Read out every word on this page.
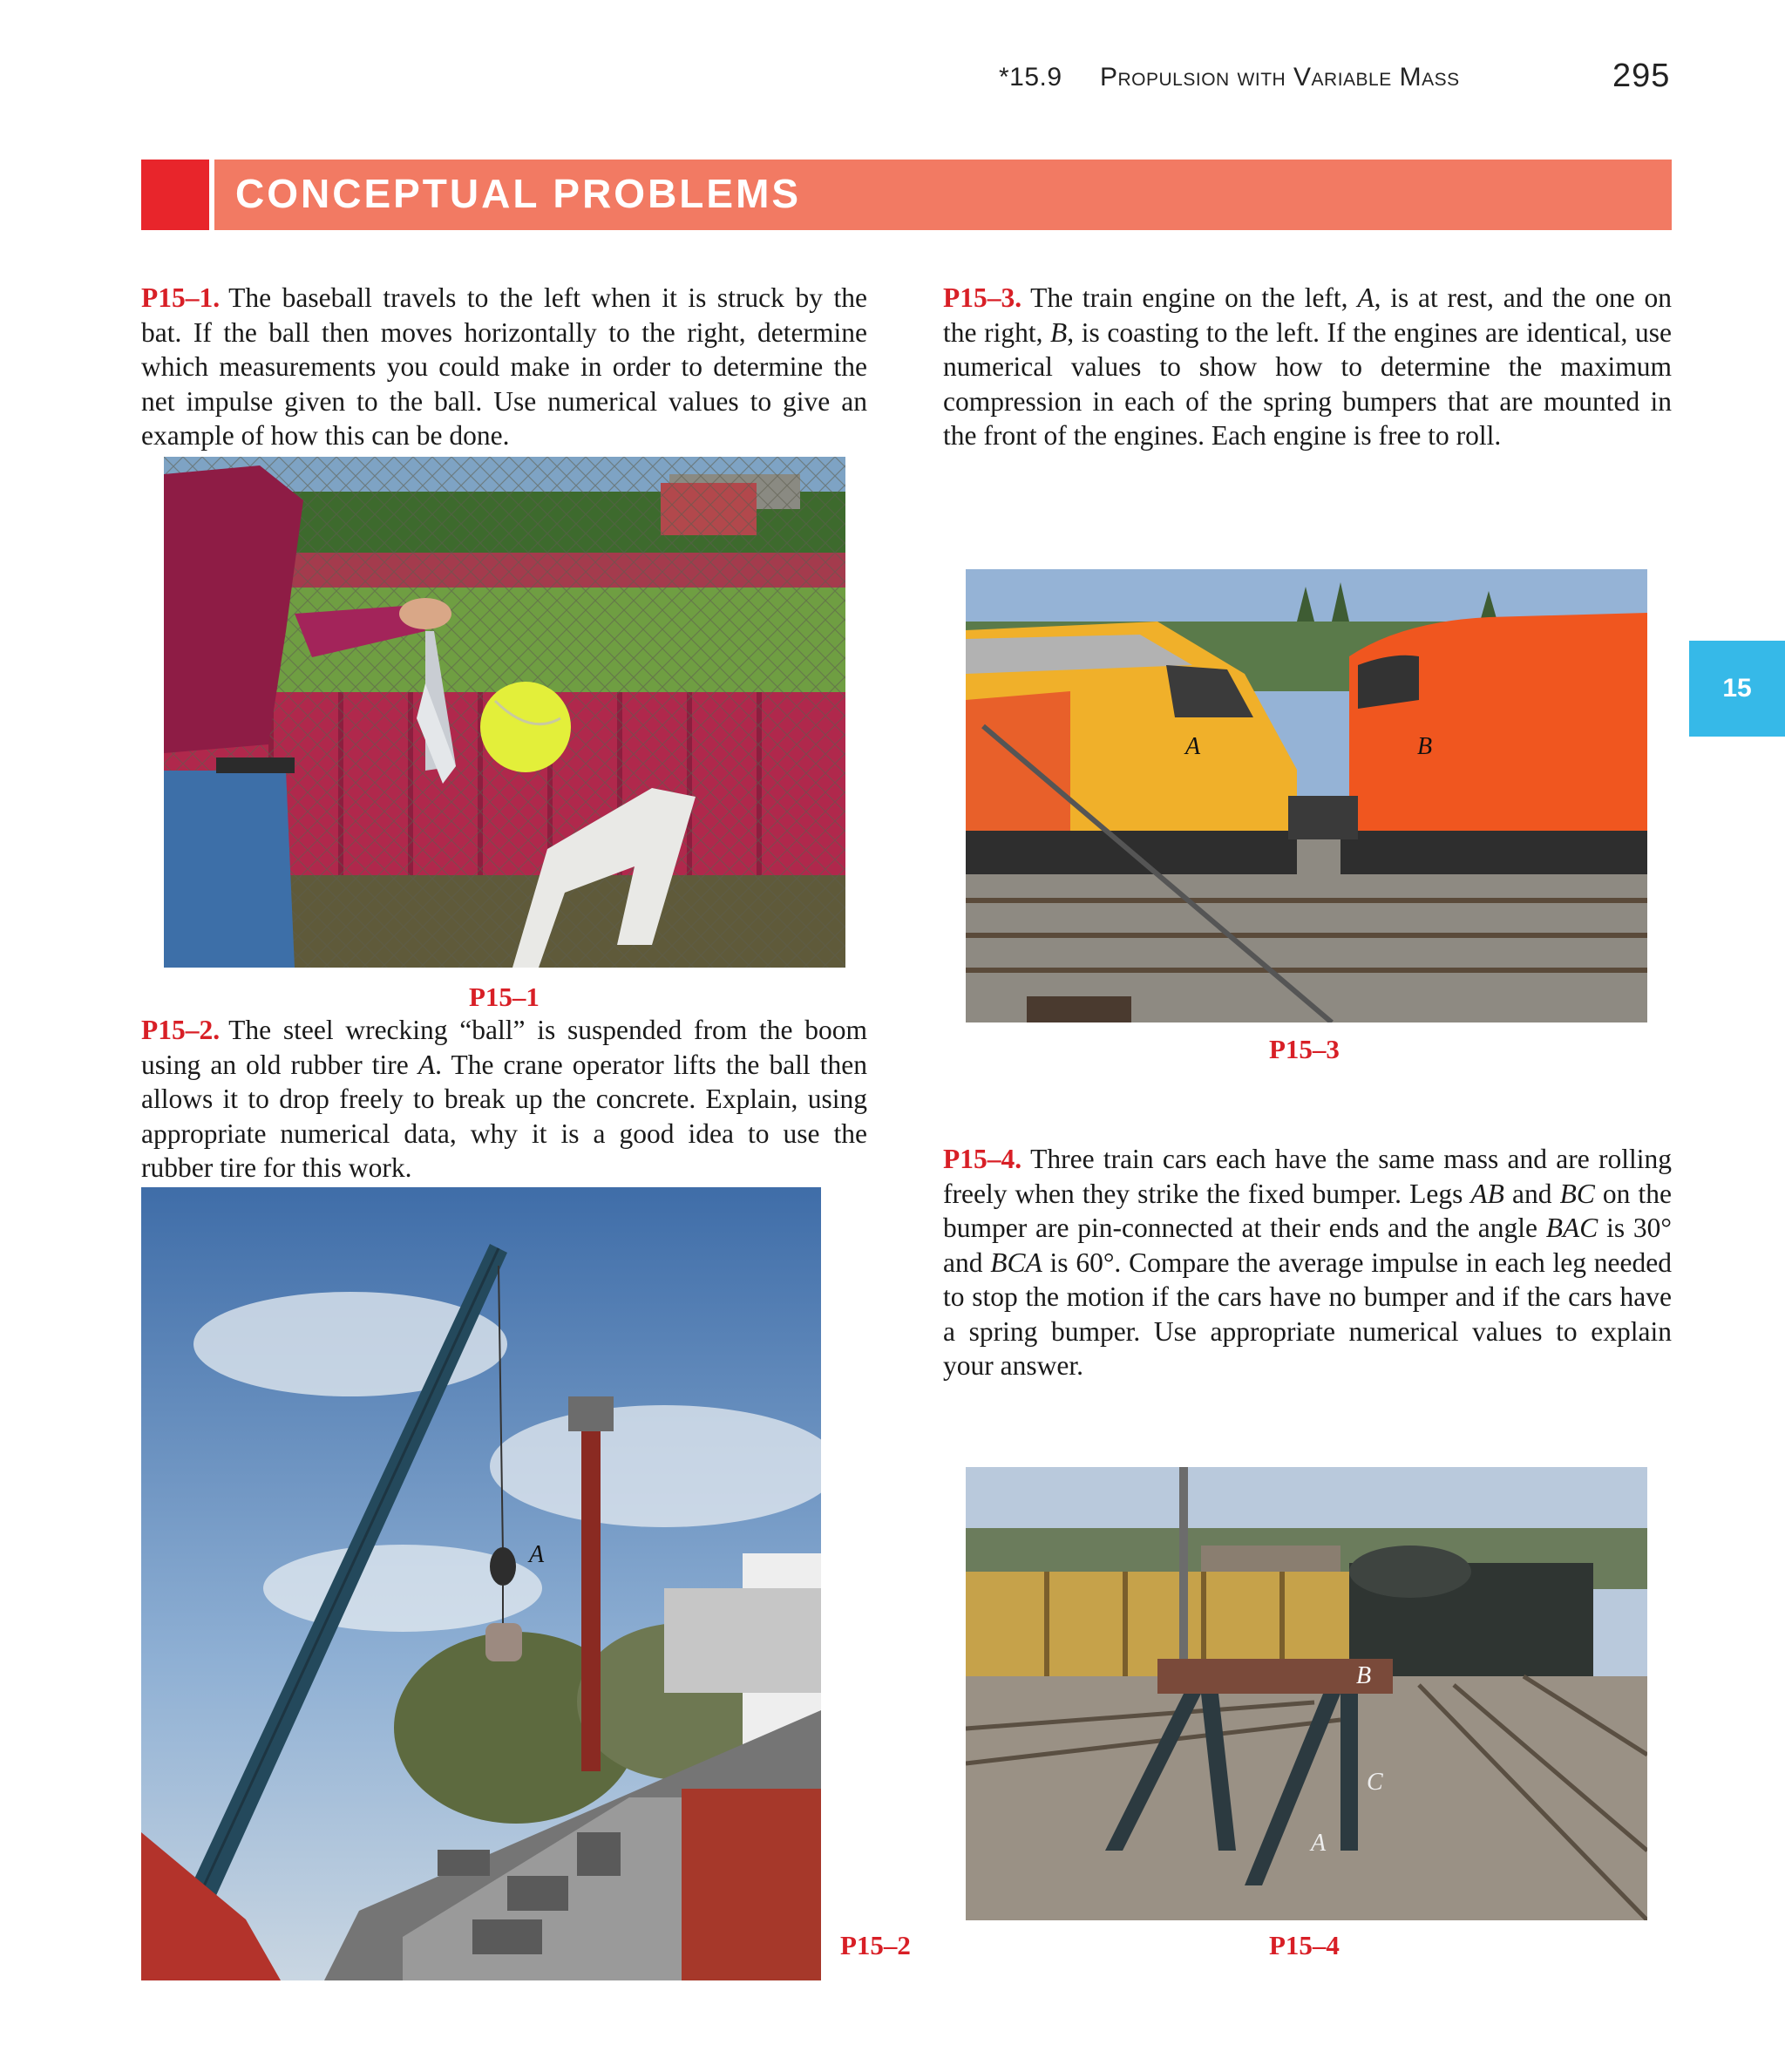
*15.9 Propulsion with Variable Mass	295
CONCEPTUAL PROBLEMS
15
P15–1. The baseball travels to the left when it is struck by the bat. If the ball then moves horizontally to the right, determine which measurements you could make in order to determine the net impulse given to the ball. Use numerical values to give an example of how this can be done.
P15–1
P15–2. The steel wrecking “ball” is suspended from the boom using an old rubber tire A. The crane operator lifts the ball then allows it to drop freely to break up the concrete. Explain, using appropriate numerical data, why it is a good idea to use the rubber tire for this work.
A
P15–2
P15–3. The train engine on the left, A, is at rest, and the one on the right, B, is coasting to the left. If the engines are identical, use numerical values to show how to determine the maximum compression in each of the spring bumpers that are mounted in the front of the engines. Each engine is free to roll.
A	B
P15–3
P15–4. Three train cars each have the same mass and are rolling freely when they strike the fixed bumper. Legs AB and BC on the bumper are pin-connected at their ends and the angle BAC is 30° and BCA is 60°. Compare the average impulse in each leg needed to stop the motion if the cars have no bumper and if the cars have a spring bumper. Use appropriate numerical values to explain your answer.
B
C
A
P15–4
